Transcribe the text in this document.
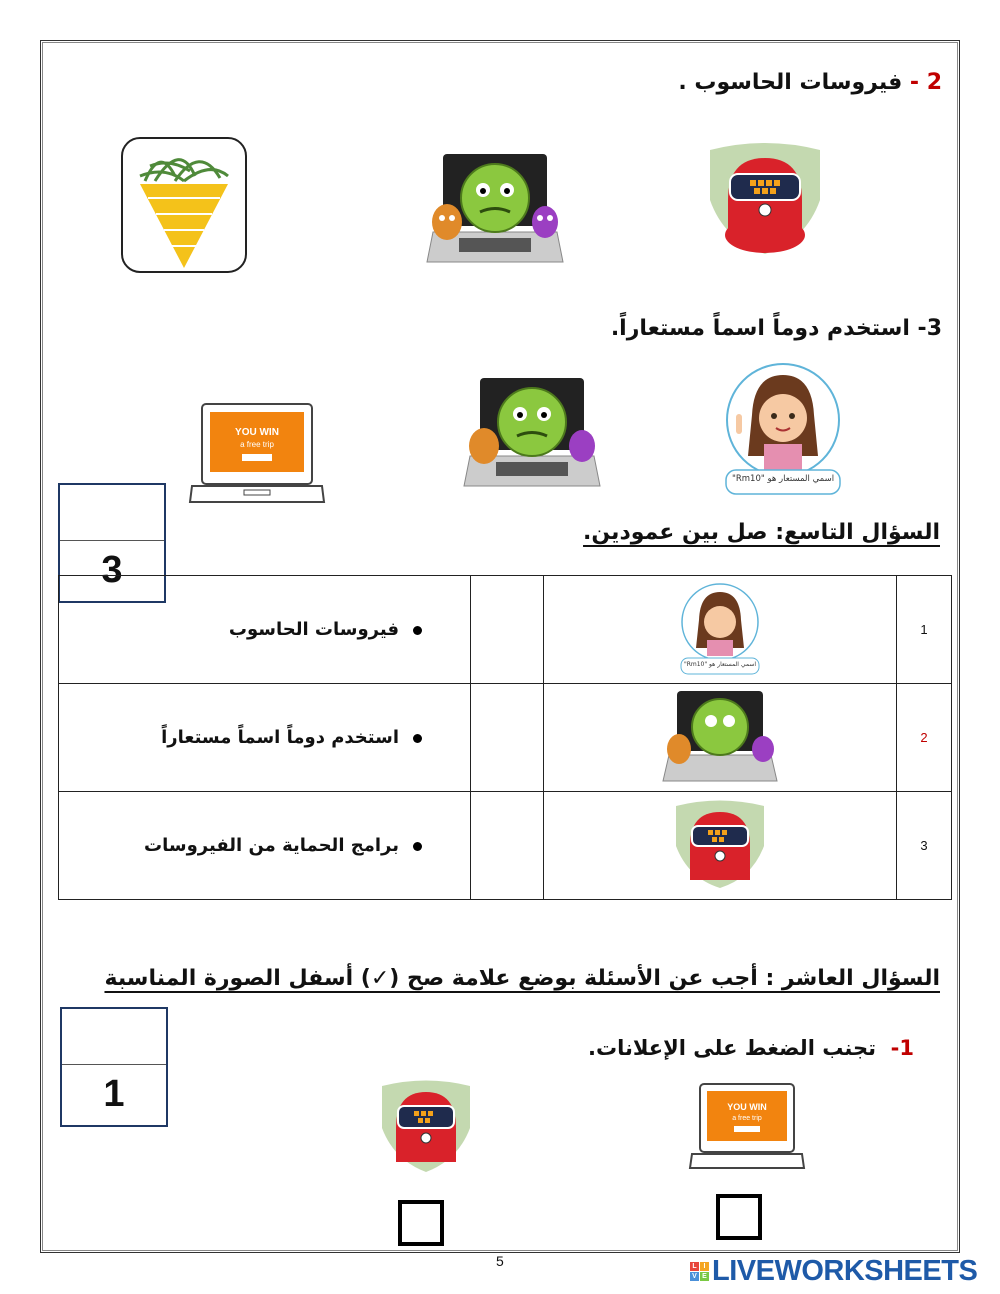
2 - فيروسات الحاسوب .
3- استخدم دوماً اسماً مستعاراً.
YOU WIN
a free trip
اسمي المستعار هو "Rm10"
3
السؤال التاسع: صل بين عمودين.
فيروسات الحاسوب		اسمي المستعار هو "Rm10"	1
استخدم دوماً اسماً مستعاراً			2
برامج الحماية من الفيروسات			3
السؤال العاشر : أجب عن الأسئلة بوضع علامة صح (✓) أسفل الصورة المناسبة
1
1-  تجنب الضغط على الإعلانات.
YOU WIN
a free trip
5	L I
V E LIVEWORKSHEETS
